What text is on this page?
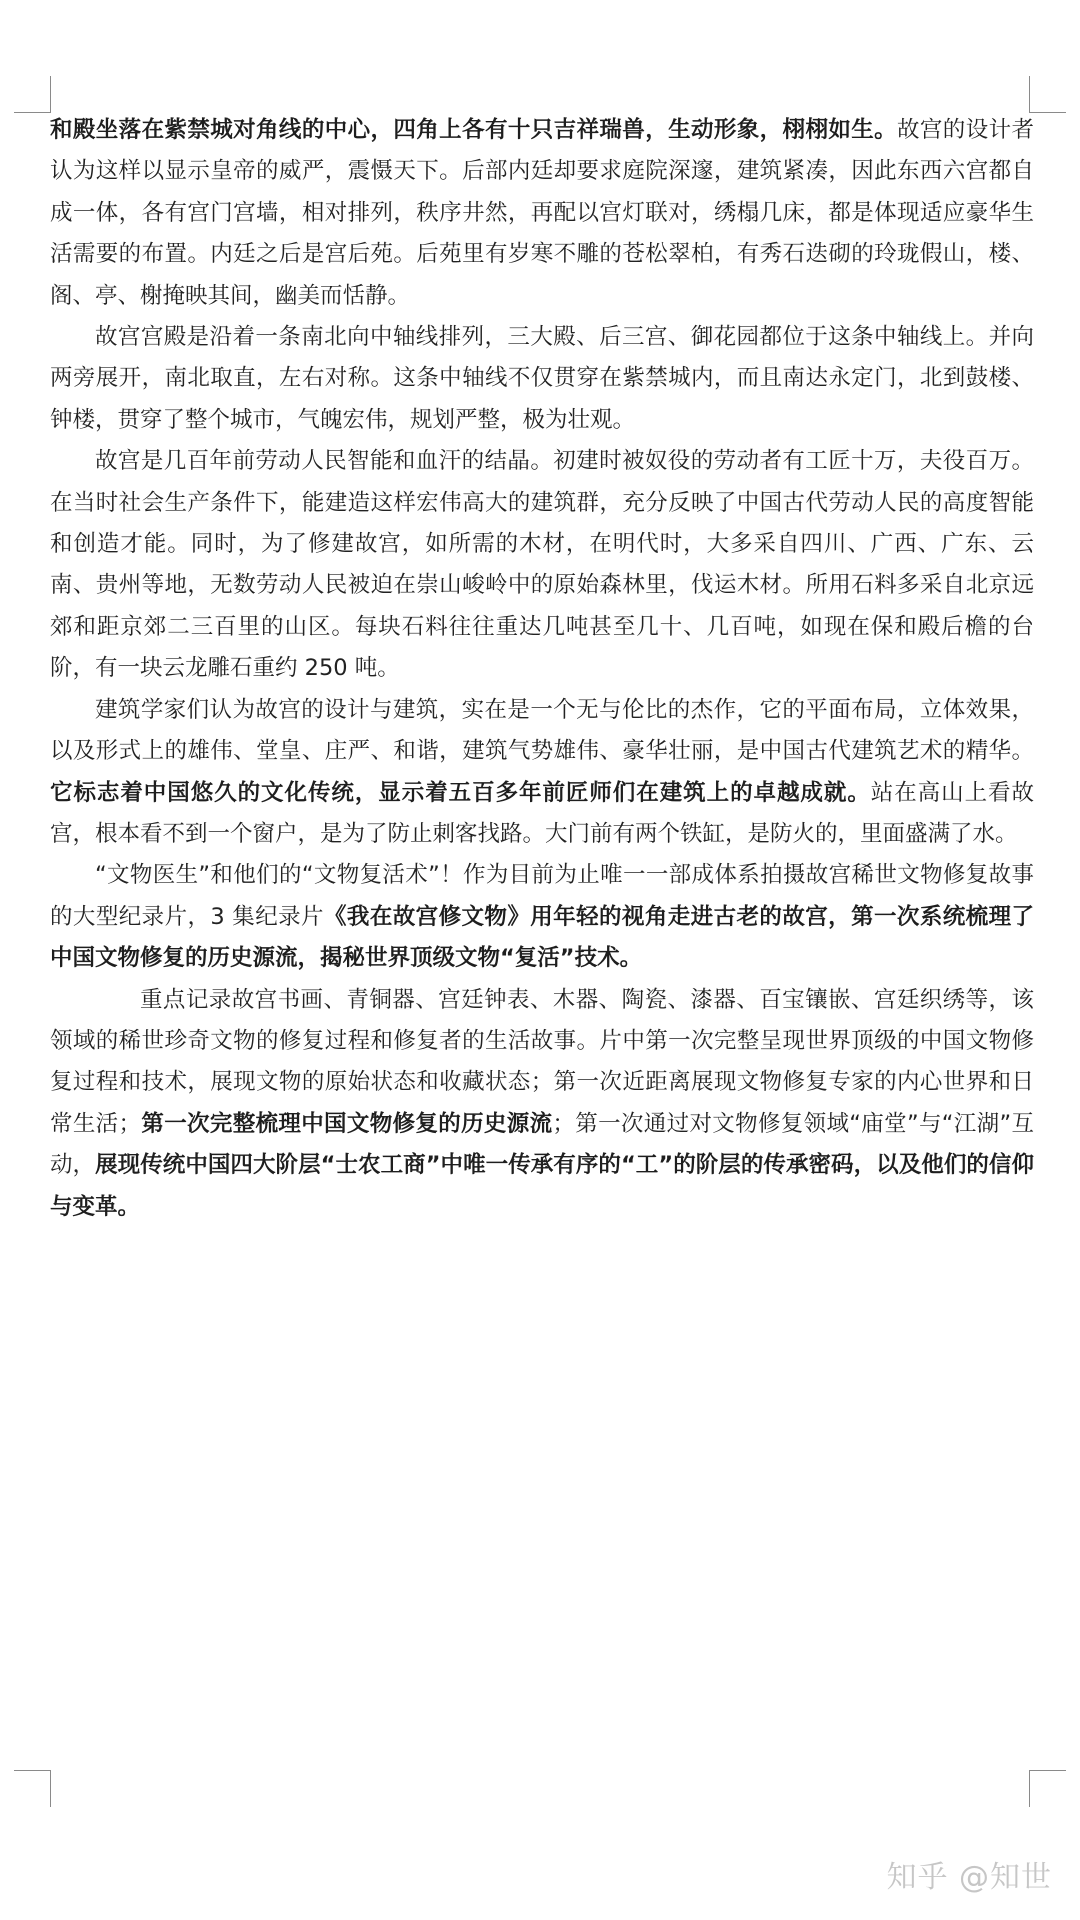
和殿坐落在紫禁城对角线的中心，四角上各有十只吉祥瑞兽，生动形象，栩栩如生。故宫的设计者认为这样以显示皇帝的威严，震慑天下。后部内廷却要求庭院深邃，建筑紧凑，因此东西六宫都自成一体，各有宫门宫墙，相对排列，秩序井然，再配以宫灯联对，绣榻几床，都是体现适应豪华生活需要的布置。内廷之后是宫后苑。后苑里有岁寒不雕的苍松翠柏，有秀石迭砌的玲珑假山，楼、阁、亭、榭掩映其间，幽美而恬静。

故宫宫殿是沿着一条南北向中轴线排列，三大殿、后三宫、御花园都位于这条中轴线上。并向两旁展开，南北取直，左右对称。这条中轴线不仅贯穿在紫禁城内，而且南达永定门，北到鼓楼、钟楼，贯穿了整个城市，气魄宏伟，规划严整，极为壮观。

故宫是几百年前劳动人民智能和血汗的结晶。初建时被奴役的劳动者有工匠十万，夫役百万。在当时社会生产条件下，能建造这样宏伟高大的建筑群，充分反映了中国古代劳动人民的高度智能和创造才能。同时，为了修建故宫，如所需的木材，在明代时，大多采自四川、广西、广东、云南、贵州等地，无数劳动人民被迫在崇山峻岭中的原始森林里，伐运木材。所用石料多采自北京远郊和距京郊二三百里的山区。每块石料往往重达几吨甚至几十、几百吨，如现在保和殿后檐的台阶，有一块云龙雕石重约 250 吨。

建筑学家们认为故宫的设计与建筑，实在是一个无与伦比的杰作，它的平面布局，立体效果，以及形式上的雄伟、堂皇、庄严、和谐，建筑气势雄伟、豪华壮丽，是中国古代建筑艺术的精华。它标志着中国悠久的文化传统，显示着五百多年前匠师们在建筑上的卓越成就。站在高山上看故宫，根本看不到一个窗户，是为了防止刺客找路。大门前有两个铁缸，是防火的，里面盛满了水。

“文物医生”和他们的“文物复活术”！作为目前为止唯一一部成体系拍摄故宫稀世文物修复故事的大型纪录片，3 集纪录片《我在故宫修文物》用年轻的视角走进古老的故宫，第一次系统梳理了中国文物修复的历史源流，揭秘世界顶级文物“复活”技术。

重点记录故宫书画、青铜器、宫廷钟表、木器、陶瓷、漆器、百宝镶嵌、宫廷织绣等，该领域的稀世珍奇文物的修复过程和修复者的生活故事。片中第一次完整呈现世界顶级的中国文物修复过程和技术，展现文物的原始状态和收藏状态；第一次近距离展现文物修复专家的内心世界和日常生活；第一次完整梳理中国文物修复的历史源流；第一次通过对文物修复领域“庙堂”与“江湖”互动，展现传统中国四大阶层“士农工商”中唯一传承有序的“工”的阶层的传承密码，以及他们的信仰与变革。

知乎 @知世
